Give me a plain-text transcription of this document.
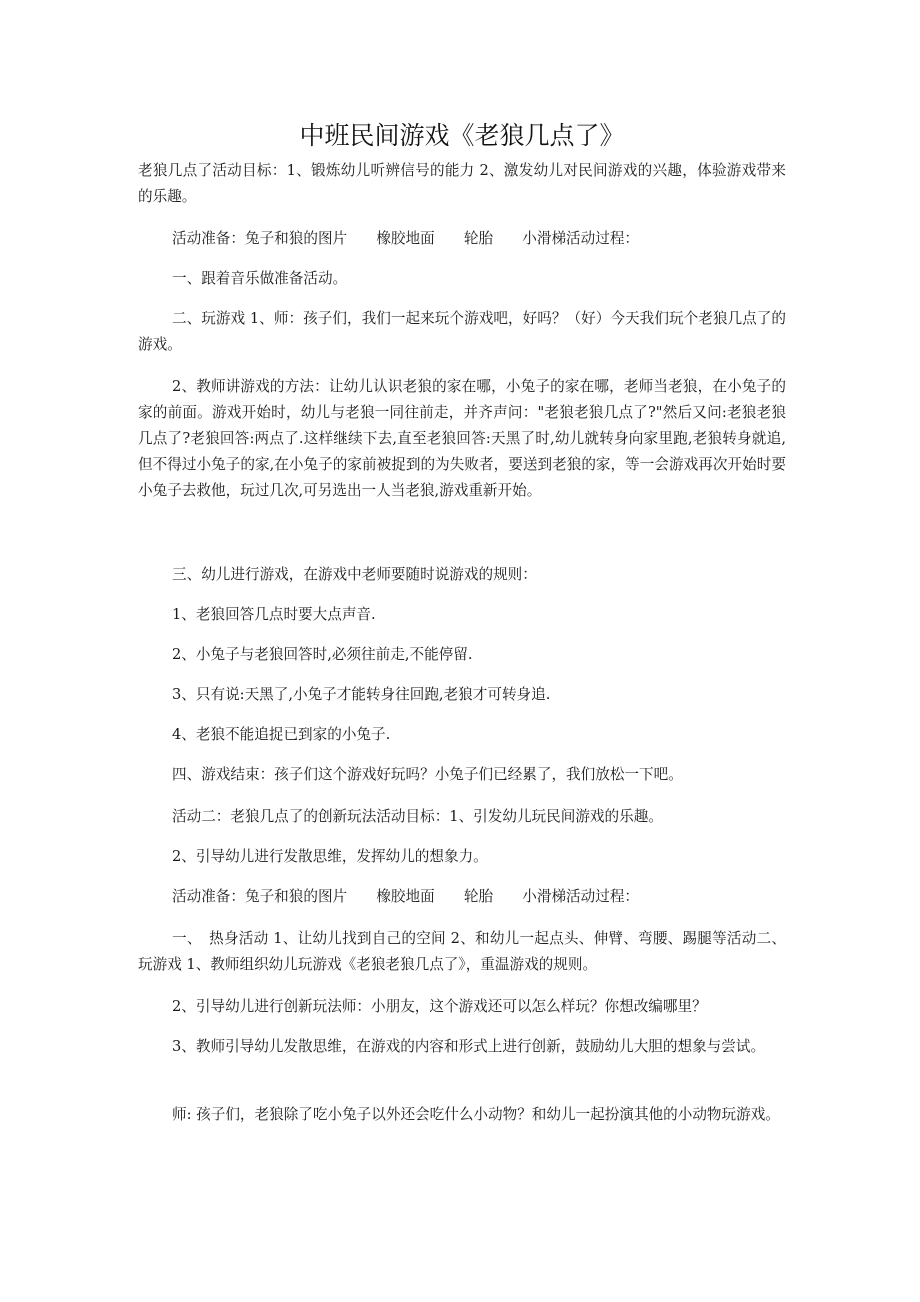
中班民间游戏《老狼几点了》

老狼几点了活动目标：1、锻炼幼儿听辨信号的能力 2、激发幼儿对民间游戏的兴趣，体验游戏带来的乐趣。

活动准备：兔子和狼的图片　　橡胶地面　　轮胎　　小滑梯活动过程：

一、跟着音乐做准备活动。

二、玩游戏 1、师：孩子们，我们一起来玩个游戏吧，好吗？（好）今天我们玩个老狼几点了的游戏。

2、教师讲游戏的方法：让幼儿认识老狼的家在哪，小兔子的家在哪，老师当老狼，在小兔子的家的前面。游戏开始时，幼儿与老狼一同往前走，并齐声问："老狼老狼几点了?"然后又问:老狼老狼几点了?老狼回答:两点了.这样继续下去,直至老狼回答:天黑了时,幼儿就转身向家里跑,老狼转身就追,但不得过小兔子的家,在小兔子的家前被捉到的为失败者，要送到老狼的家，等一会游戏再次开始时要小兔子去救他，玩过几次,可另选出一人当老狼,游戏重新开始。

三、幼儿进行游戏，在游戏中老师要随时说游戏的规则：

1、老狼回答几点时要大点声音.

2、小兔子与老狼回答时,必须往前走,不能停留.

3、只有说:天黑了,小兔子才能转身往回跑,老狼才可转身追.

4、老狼不能追捉已到家的小兔子.

四、游戏结束：孩子们这个游戏好玩吗？小兔子们已经累了，我们放松一下吧。

活动二：老狼几点了的创新玩法活动目标：1、引发幼儿玩民间游戏的乐趣。

2、引导幼儿进行发散思维，发挥幼儿的想象力。

活动准备：兔子和狼的图片　　橡胶地面　　轮胎　　小滑梯活动过程：

一、　热身活动 1、让幼儿找到自己的空间 2、和幼儿一起点头、伸臂、弯腰、踢腿等活动二、玩游戏 1、教师组织幼儿玩游戏《老狼老狼几点了》，重温游戏的规则。

2、引导幼儿进行创新玩法师：小朋友，这个游戏还可以怎么样玩？你想改编哪里？

3、教师引导幼儿发散思维，在游戏的内容和形式上进行创新，鼓励幼儿大胆的想象与尝试。

师: 孩子们，老狼除了吃小兔子以外还会吃什么小动物？和幼儿一起扮演其他的小动物玩游戏。
